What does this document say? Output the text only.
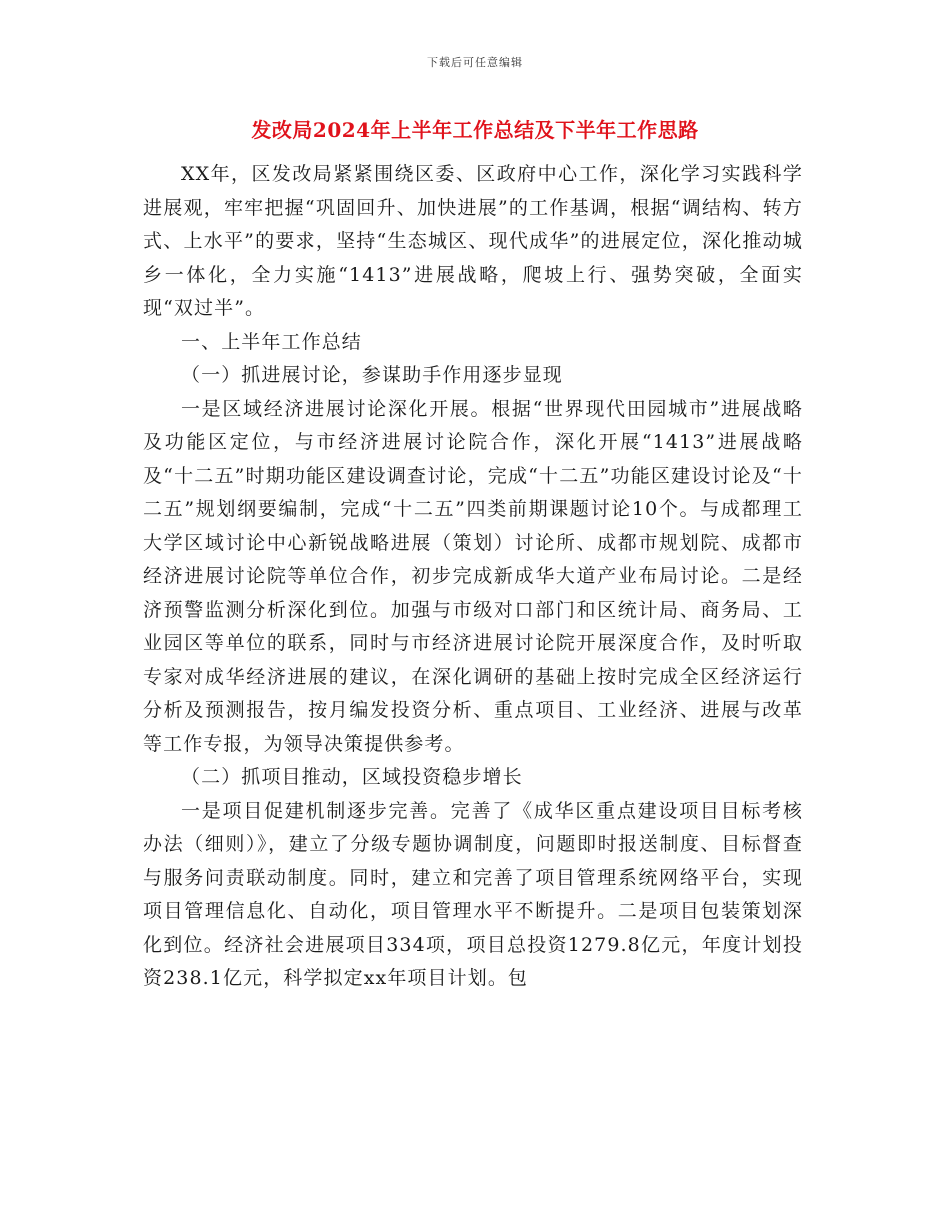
下载后可任意编辑
发改局2024年上半年工作总结及下半年工作思路

XX年，区发改局紧紧围绕区委、区政府中心工作，深化学习实践科学进展观，牢牢把握“巩固回升、加快进展”的工作基调，根据“调结构、转方式、上水平”的要求，坚持“生态城区、现代成华”的进展定位，深化推动城乡一体化，全力实施“1413”进展战略，爬坡上行、强势突破，全面实现“双过半”。

一、上半年工作总结

（一）抓进展讨论，参谋助手作用逐步显现

一是区域经济进展讨论深化开展。根据“世界现代田园城市”进展战略及功能区定位，与市经济进展讨论院合作，深化开展“1413”进展战略及“十二五”时期功能区建设调查讨论，完成“十二五”功能区建设讨论及“十二五”规划纲要编制，完成“十二五”四类前期课题讨论10个。与成都理工大学区域讨论中心新锐战略进展（策划）讨论所、成都市规划院、成都市经济进展讨论院等单位合作，初步完成新成华大道产业布局讨论。二是经济预警监测分析深化到位。加强与市级对口部门和区统计局、商务局、工业园区等单位的联系，同时与市经济进展讨论院开展深度合作，及时听取专家对成华经济进展的建议，在深化调研的基础上按时完成全区经济运行分析及预测报告，按月编发投资分析、重点项目、工业经济、进展与改革等工作专报，为领导决策提供参考。

（二）抓项目推动，区域投资稳步增长

一是项目促建机制逐步完善。完善了《成华区重点建设项目目标考核办法（细则）》，建立了分级专题协调制度，问题即时报送制度、目标督查与服务问责联动制度。同时，建立和完善了项目管理系统网络平台，实现项目管理信息化、自动化，项目管理水平不断提升。二是项目包装策划深化到位。经济社会进展项目334项，项目总投资1279.8亿元，年度计划投资238.1亿元，科学拟定xx年项目计划。包
